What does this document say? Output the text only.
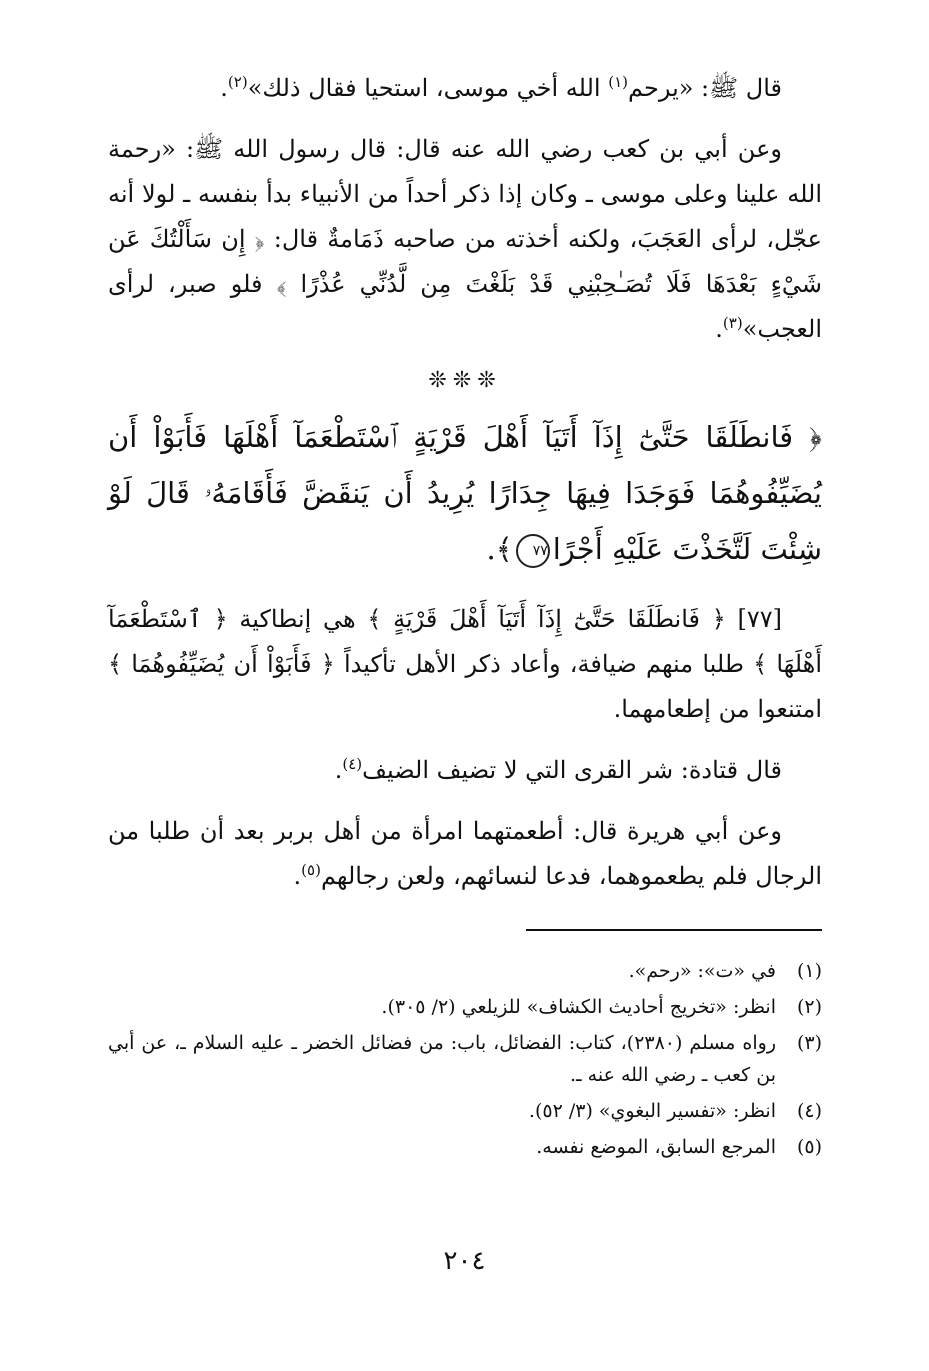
قال ﷺ: «يرحم$^{(١)}$ الله أخي موسى، استحيا فقال ذلك»$^{(٢)}$.

وعن أبي بن كعب رضي الله عنه قال: قال رسول الله ﷺ: «رحمة الله علينا وعلى موسى ـ وكان إذا ذكر أحداً من الأنبياء بدأ بنفسه ـ لولا أنه عجّل، لرأى العَجَبَ، ولكنه أخذته من صاحبه ذَمَامةٌ قال: ﴿ إِن سَأَلْتُكَ عَن شَيْءٍ بَعْدَهَا فَلَا تُصَـٰحِبْنِي قَدْ بَلَغْتَ مِن لَّدُنِّي عُذْرًا ﴾ فلو صبر، لرأى العجب»$^{(٣)}$.

❊❊❊

﴿ فَانطَلَقَا حَتَّىٰٓ إِذَآ أَتَيَآ أَهْلَ قَرْيَةٍ ٱسْتَطْعَمَآ أَهْلَهَا فَأَبَوْاْ أَن يُضَيِّفُوهُمَا فَوَجَدَا فِيهَا جِدَارًا يُرِيدُ أَن يَنقَضَّ فَأَقَامَهُۥ قَالَ لَوْ شِئْتَ لَتَّخَذْتَ عَلَيْهِ أَجْرًا٧٧﴾.

[٧٧] ﴿ فَانطَلَقَا حَتَّىٰٓ إِذَآ أَتَيَآ أَهْلَ قَرْيَةٍ ﴾ هي إنطاكية ﴿ ٱسْتَطْعَمَآ أَهْلَهَا ﴾ طلبا منهم ضيافة، وأعاد ذكر الأهل تأكيداً ﴿ فَأَبَوْاْ أَن يُضَيِّفُوهُمَا ﴾ امتنعوا من إطعامهما.

قال قتادة: شر القرى التي لا تضيف الضيف$^{(٤)}$.

وعن أبي هريرة قال: أطعمتهما امرأة من أهل بربر بعد أن طلبا من الرجال فلم يطعموهما، فدعا لنسائهم، ولعن رجالهم$^{(٥)}$.

(١)
في «ت»: «رحم».
(٢)
انظر: «تخريج أحاديث الكشاف» للزيلعي (٢/ ٣٠٥).
(٣)
رواه مسلم (٢٣٨٠)، كتاب: الفضائل، باب: من فضائل الخضر ـ عليه السلام ـ، عن أبي بن كعب ـ رضي الله عنه ـ.
(٤)
انظر: «تفسير البغوي» (٣/ ٥٢).
(٥)
المرجع السابق، الموضع نفسه.
٢٠٤
